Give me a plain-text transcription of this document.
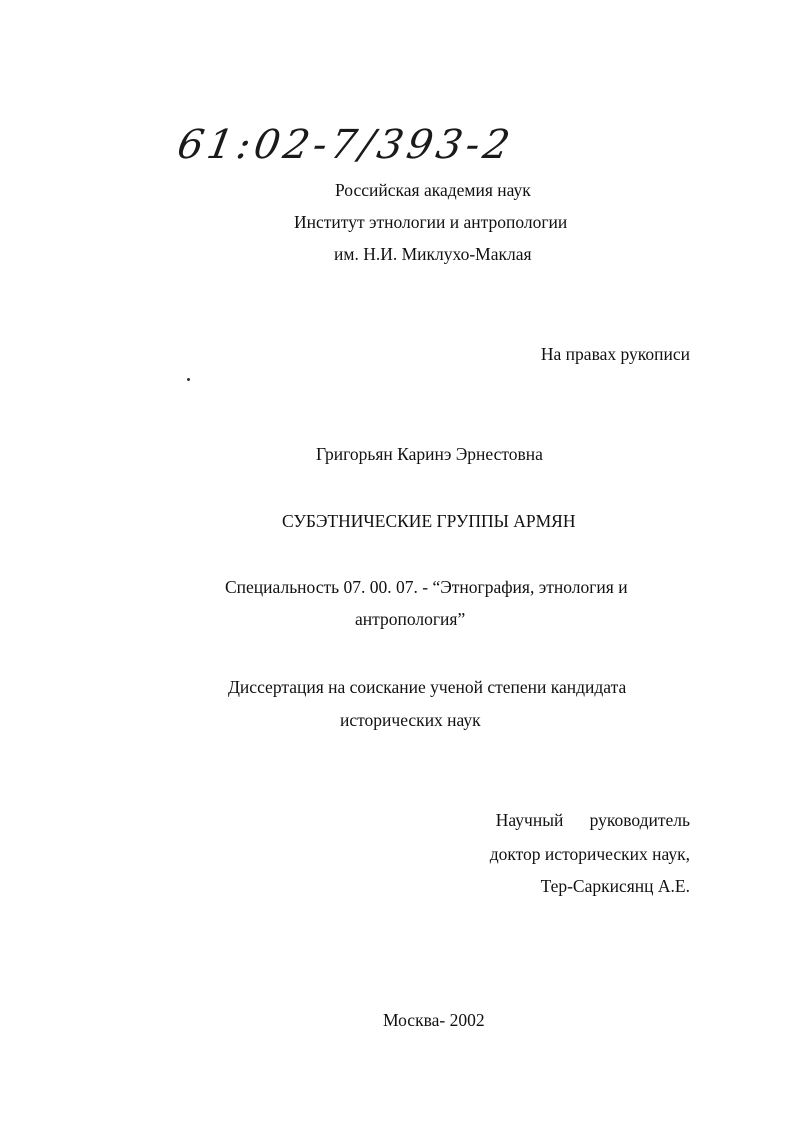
61:02-7/393-2
Российская академия наук
Институт этнологии и антропологии
им. Н.И. Миклухо-Маклая
На правах рукописи
Григорьян Каринэ Эрнестовна
СУБЭТНИЧЕСКИЕ ГРУППЫ АРМЯН
Специальность 07. 00. 07. - “Этнография, этнология и
антропология”
Диссертация на соискание ученой степени кандидата
исторических наук
Научный      руководитель
доктор исторических наук,
Тер-Саркисянц А.Е.
Москва- 2002
